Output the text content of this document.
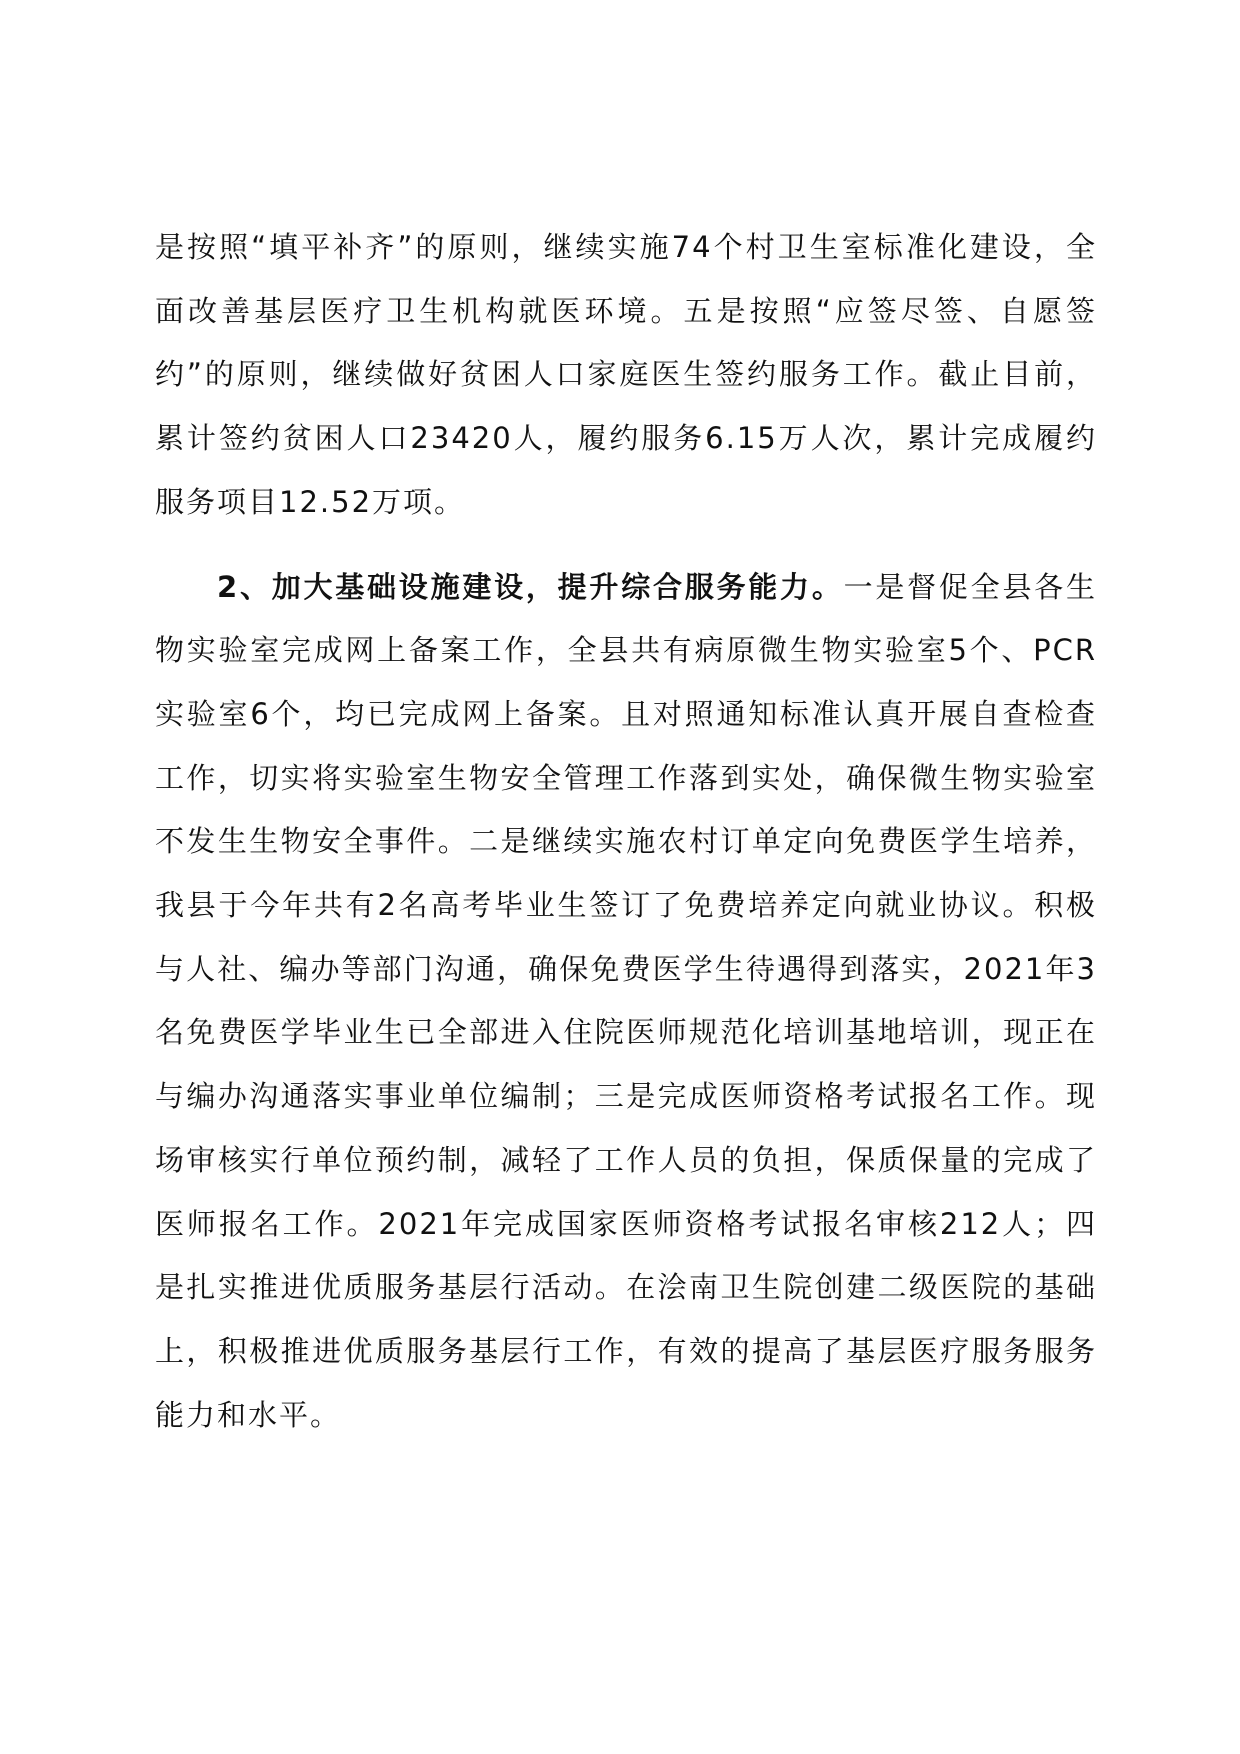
是按照“填平补齐”的原则，继续实施74个村卫生室标准化建设，全面改善基层医疗卫生机构就医环境。五是按照“应签尽签、自愿签约”的原则，继续做好贫困人口家庭医生签约服务工作。截止目前，累计签约贫困人口23420人，履约服务6.15万人次，累计完成履约服务项目12.52万项。

2、加大基础设施建设，提升综合服务能力。一是督促全县各生物实验室完成网上备案工作，全县共有病原微生物实验室5个、PCR实验室6个，均已完成网上备案。且对照通知标准认真开展自查检查工作，切实将实验室生物安全管理工作落到实处，确保微生物实验室不发生生物安全事件。二是继续实施农村订单定向免费医学生培养，我县于今年共有2名高考毕业生签订了免费培养定向就业协议。积极与人社、编办等部门沟通，确保免费医学生待遇得到落实，2021年3名免费医学毕业生已全部进入住院医师规范化培训基地培训，现正在与编办沟通落实事业单位编制；三是完成医师资格考试报名工作。现场审核实行单位预约制，减轻了工作人员的负担，保质保量的完成了医师报名工作。2021年完成国家医师资格考试报名审核212人；四是扎实推进优质服务基层行活动。在浍南卫生院创建二级医院的基础上，积极推进优质服务基层行工作，有效的提高了基层医疗服务服务能力和水平。
